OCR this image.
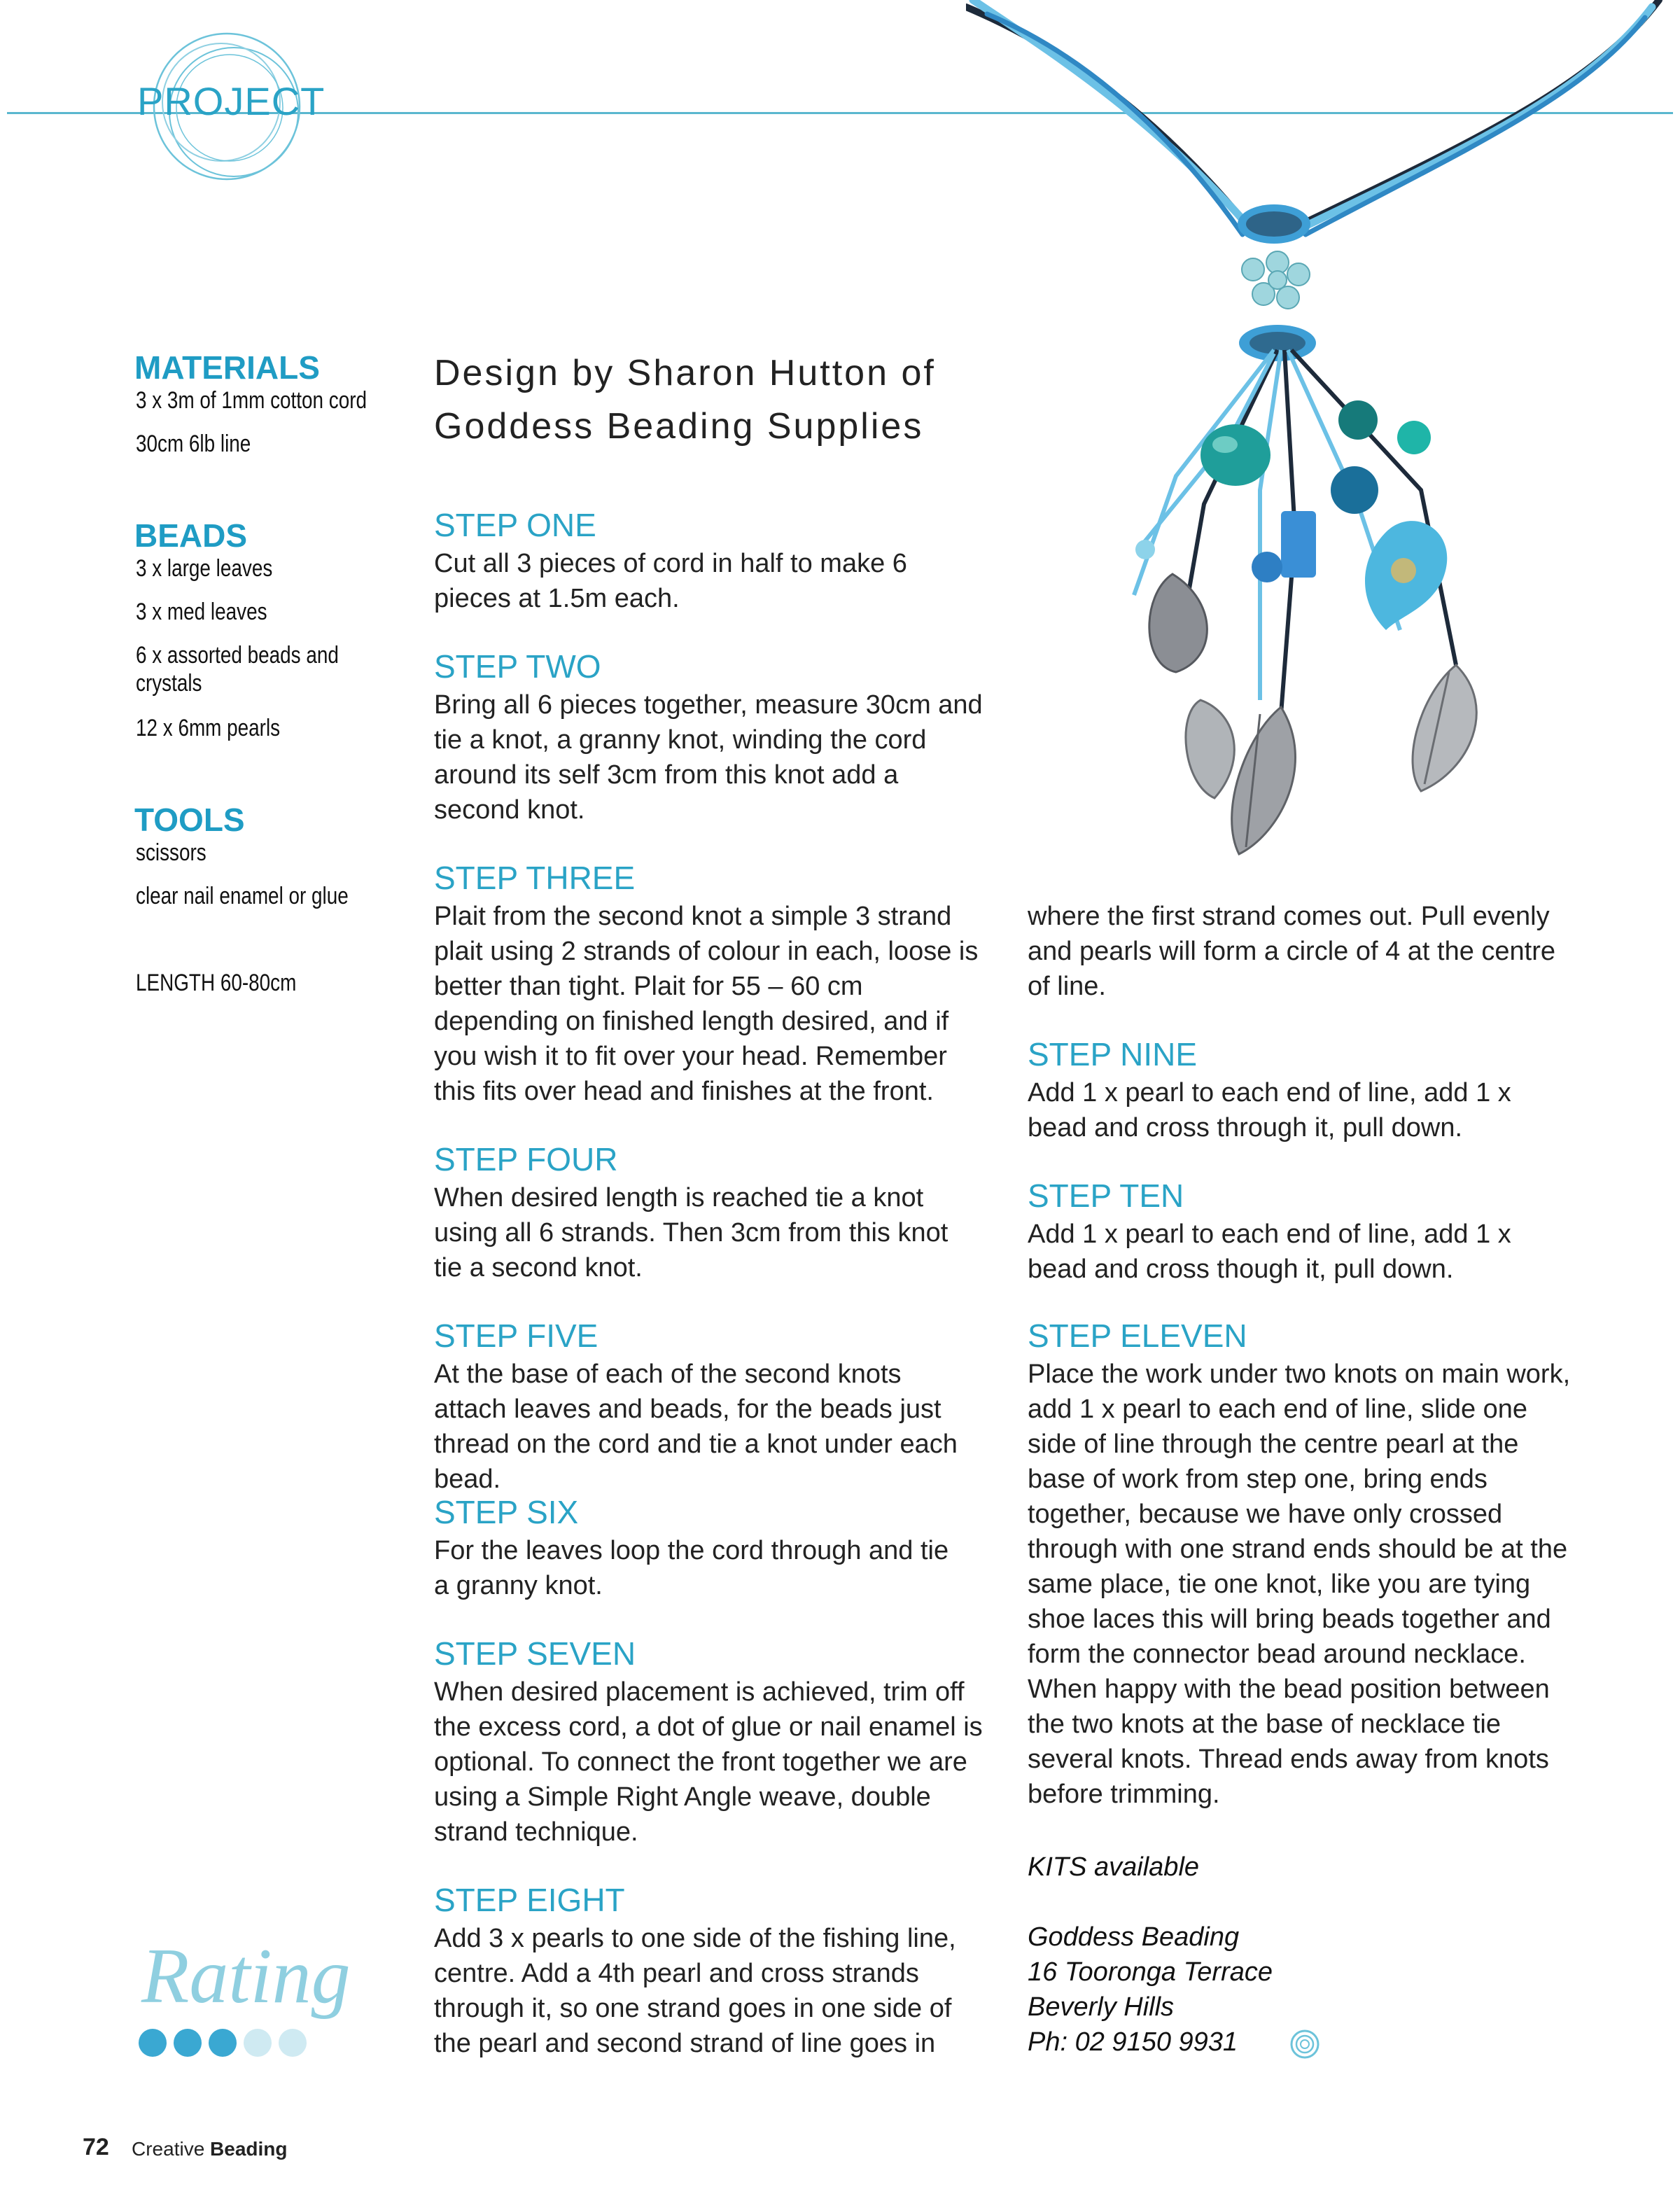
PROJECT
MATERIALS
3 x 3m of 1mm cotton cord
30cm 6lb line
BEADS
3 x large leaves
3 x med leaves
6 x assorted beads and
crystals
12 x 6mm pearls
TOOLS
scissors
clear nail enamel or glue
LENGTH 60-80cm
Design by Sharon Hutton of
Goddess Beading Supplies
STEP ONE

Cut all 3 pieces of cord in half to make 6 pieces at 1.5m each.

STEP TWO

Bring all 6 pieces together, measure 30cm and tie a knot, a granny knot, winding the cord around its self 3cm from this knot add a second knot.

STEP THREE

Plait from the second knot a simple 3 strand plait using 2 strands of colour in each, loose is better than tight. Plait for 55 – 60 cm depending on finished length desired, and if you wish it to fit over your head. Remember this fits over head and finishes at the front.

STEP FOUR

When desired length is reached tie a knot using all 6 strands. Then 3cm from this knot tie a second knot.

STEP FIVE

At the base of each of the second knots attach leaves and beads, for the beads just thread on the cord and tie a knot under each bead.

STEP SIX

For the leaves loop the cord through and tie a granny knot.

STEP SEVEN

When desired placement is achieved, trim off the excess cord, a dot of glue or nail enamel is optional. To connect the front together we are using a Simple Right Angle weave, double strand technique.

STEP EIGHT

Add 3 x pearls to one side of the fishing line, centre. Add a 4th pearl and cross strands through it, so one strand goes in one side of the pearl and second strand of line goes in

where the first strand comes out. Pull evenly and pearls will form a circle of 4 at the centre of line.

STEP NINE

Add 1 x pearl to each end of line, add 1 x bead and cross through it, pull down.

STEP TEN

Add 1 x pearl to each end of line, add 1 x bead and cross though it, pull down.

STEP ELEVEN

Place the work under two knots on main work, add 1 x pearl to each end of line, slide one side of line through the centre pearl at the base of work from step one, bring ends together, because we have only crossed through with one strand ends should be at the same place, tie one knot, like you are tying shoe laces this will bring beads together and form the connector bead around necklace. When happy with the bead position between the two knots at the base of necklace tie several knots. Thread ends away from knots before trimming.

KITS available

Goddess Beading

16 Tooronga Terrace

Beverly Hills

Ph: 02 9150 9931

Rating
72 Creative Beading
